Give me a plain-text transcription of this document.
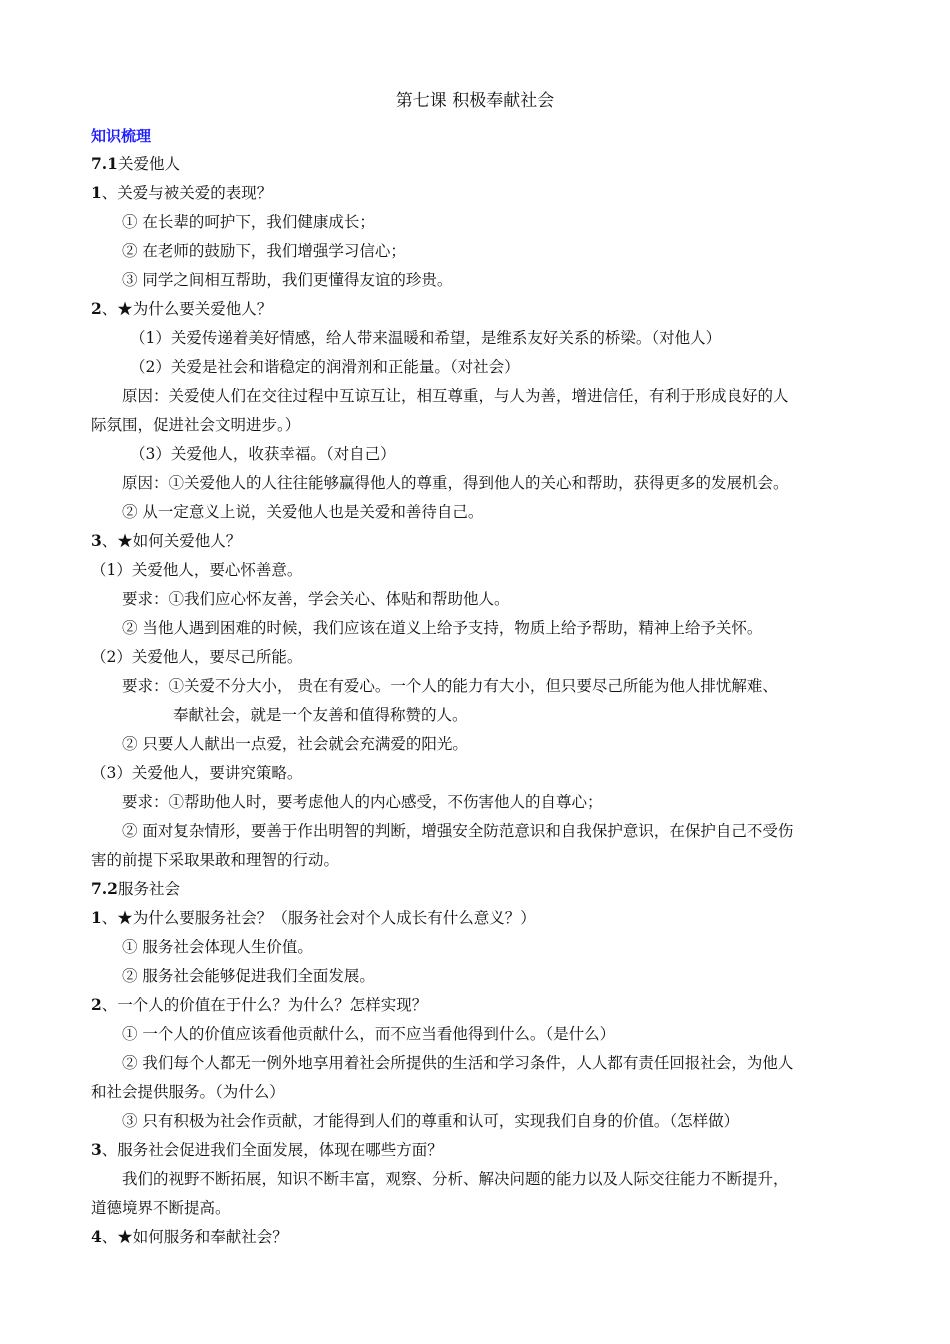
第七课 积极奉献社会
知识梳理
7.1关爱他人
1、关爱与被关爱的表现？
① 在长辈的呵护下，我们健康成长；
② 在老师的鼓励下，我们增强学习信心；
③ 同学之间相互帮助，我们更懂得友谊的珍贵。
2、★为什么要关爱他人？
（1）关爱传递着美好情感，给人带来温暖和希望，是维系友好关系的桥梁。（对他人）
（2）关爱是社会和谐稳定的润滑剂和正能量。（对社会）
原因：关爱使人们在交往过程中互谅互让，相互尊重，与人为善，增进信任，有利于形成良好的人
际氛围，促进社会文明进步。）
（3）关爱他人，收获幸福。（对自己）
原因：①关爱他人的人往往能够赢得他人的尊重，得到他人的关心和帮助，获得更多的发展机会。
② 从一定意义上说，关爱他人也是关爱和善待自己。
3、★如何关爱他人？
（1）关爱他人，要心怀善意。
要求：①我们应心怀友善，学会关心、体贴和帮助他人。
② 当他人遇到困难的时候，我们应该在道义上给予支持，物质上给予帮助，精神上给予关怀。
（2）关爱他人，要尽己所能。
要求：①关爱不分大小， 贵在有爱心。一个人的能力有大小，但只要尽己所能为他人排忧解难、
奉献社会，就是一个友善和值得称赞的人。
② 只要人人献出一点爱，社会就会充满爱的阳光。
（3）关爱他人，要讲究策略。
要求：①帮助他人时，要考虑他人的内心感受，不伤害他人的自尊心；
② 面对复杂情形，要善于作出明智的判断，增强安全防范意识和自我保护意识，在保护自己不受伤
害的前提下采取果敢和理智的行动。
7.2服务社会
1、★为什么要服务社会？（服务社会对个人成长有什么意义？）
① 服务社会体现人生价值。
② 服务社会能够促进我们全面发展。
2、一个人的价值在于什么？为什么？怎样实现？
① 一个人的价值应该看他贡献什么，而不应当看他得到什么。（是什么）
② 我们每个人都无一例外地享用着社会所提供的生活和学习条件，人人都有责任回报社会，为他人
和社会提供服务。（为什么）
③ 只有积极为社会作贡献，才能得到人们的尊重和认可，实现我们自身的价值。（怎样做）
3、服务社会促进我们全面发展，体现在哪些方面？
我们的视野不断拓展，知识不断丰富，观察、分析、解决问题的能力以及人际交往能力不断提升，
道德境界不断提高。
4、★如何服务和奉献社会？
